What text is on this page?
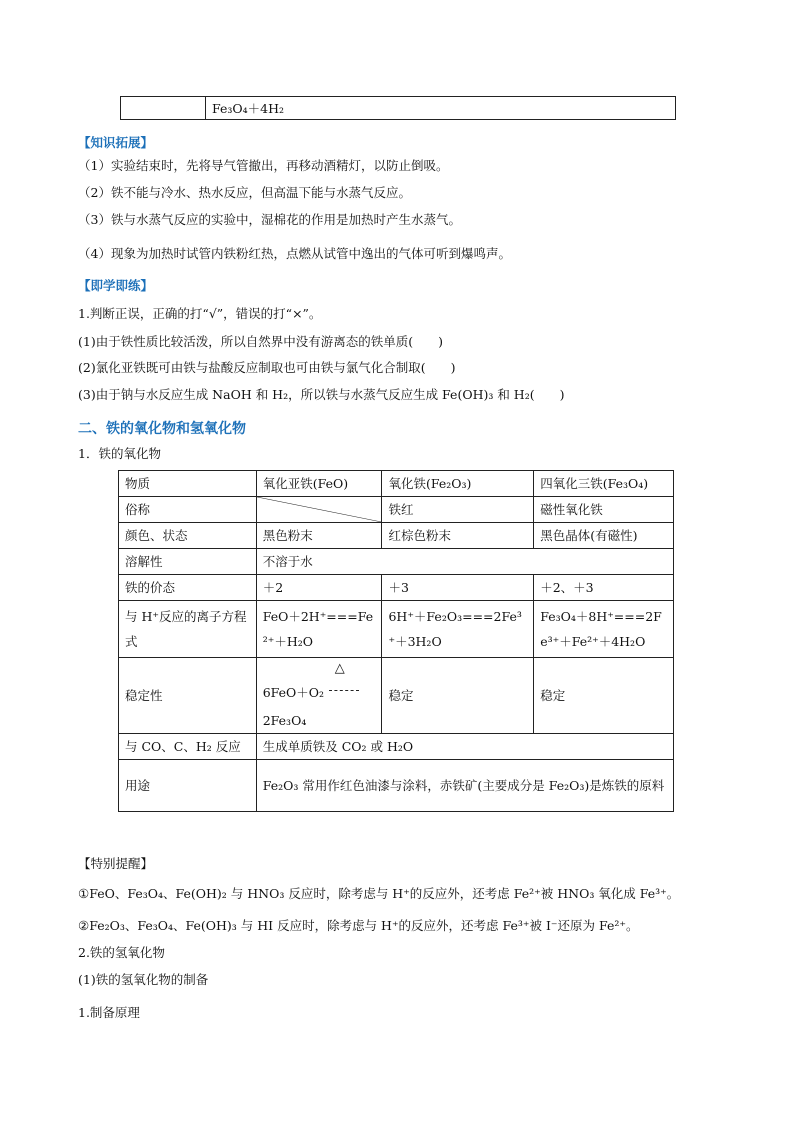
	Fe₃O₄＋4H₂
【知识拓展】
（1）实验结束时，先将导气管撤出，再移动酒精灯，以防止倒吸。
（2）铁不能与冷水、热水反应，但高温下能与水蒸气反应。
（3）铁与水蒸气反应的实验中，湿棉花的作用是加热时产生水蒸气。
（4）现象为加热时试管内铁粉红热，点燃从试管中逸出的气体可听到爆鸣声。
【即学即练】
1.判断正误，正确的打“√”，错误的打“×”。
(1)由于铁性质比较活泼，所以自然界中没有游离态的铁单质(　　)
(2)氯化亚铁既可由铁与盐酸反应制取也可由铁与氯气化合制取(　　)
(3)由于钠与水反应生成 NaOH 和 H₂，所以铁与水蒸气反应生成 Fe(OH)₃ 和 H₂(　　)
二、铁的氧化物和氢氧化物
1．铁的氧化物
物质	氧化亚铁(FeO)	氧化铁(Fe₂O₃)	四氧化三铁(Fe₃O₄)
俗称		铁红	磁性氧化铁
颜色、状态	黑色粉末	红棕色粉末	黑色晶体(有磁性)
溶解性	不溶于水		
铁的价态	＋2	＋3	＋2、＋3
与 H⁺反应的离子方程式	FeO＋2H⁺===Fe²⁺＋H₂O	6H⁺＋Fe₂O₃===2Fe³⁺＋3H₂O	Fe₃O₄＋8H⁺===2Fe³⁺＋Fe²⁺＋4H₂O
稳定性	6FeO＋O₂
△
2Fe₃O₄	稳定	稳定
与 CO、C、H₂ 反应	生成单质铁及 CO₂ 或 H₂O		
用途	Fe₂O₃ 常用作红色油漆与涂料，赤铁矿(主要成分是 Fe₂O₃)是炼铁的原料		
【特别提醒】
①FeO、Fe₃O₄、Fe(OH)₂ 与 HNO₃ 反应时，除考虑与 H⁺的反应外，还考虑 Fe²⁺被 HNO₃ 氧化成 Fe³⁺。
②Fe₂O₃、Fe₃O₄、Fe(OH)₃ 与 HI 反应时，除考虑与 H⁺的反应外，还考虑 Fe³⁺被 I⁻还原为 Fe²⁺。
2.铁的氢氧化物
(1)铁的氢氧化物的制备
1.制备原理
